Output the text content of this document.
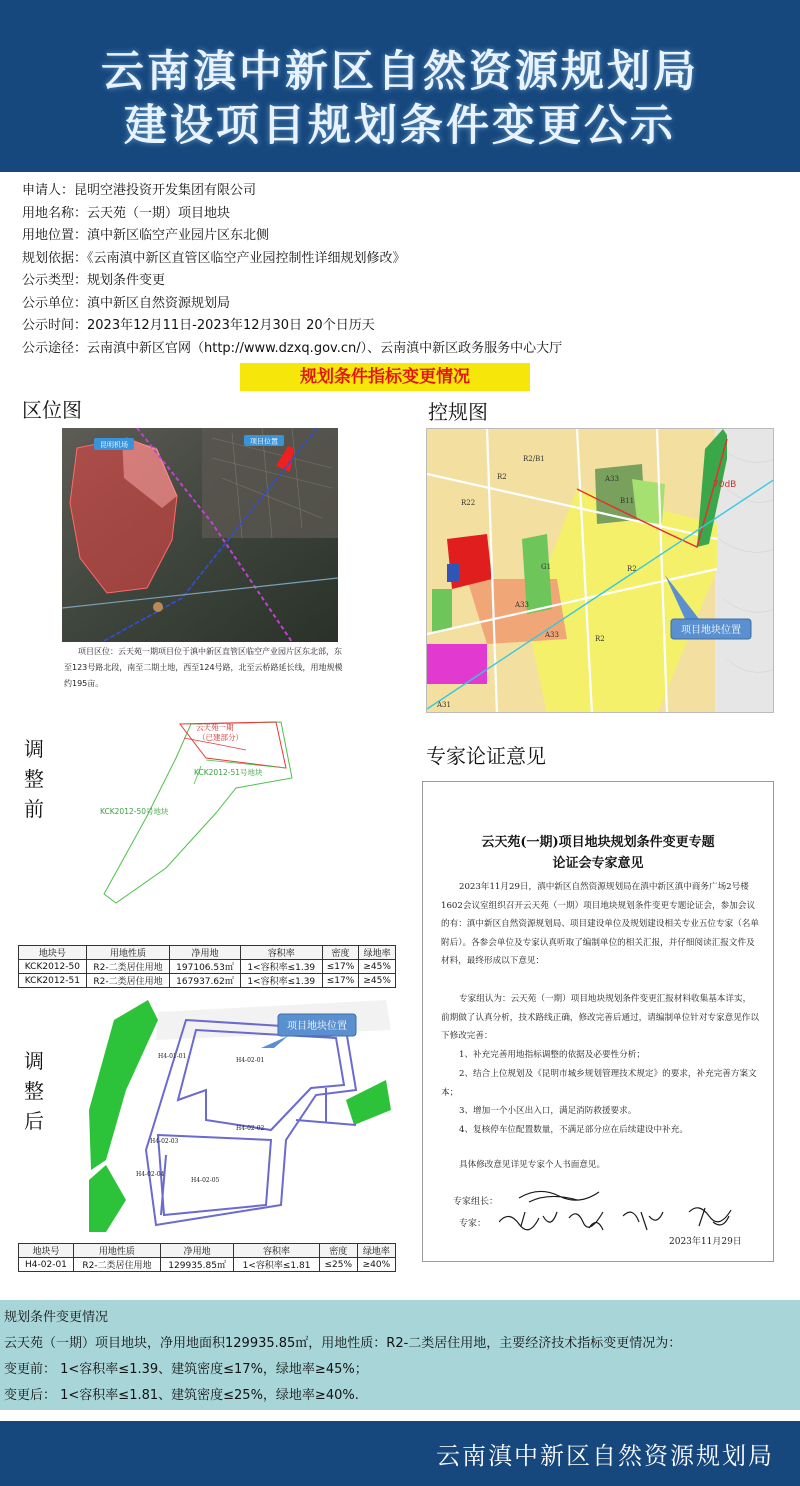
云南滇中新区自然资源规划局
建设项目规划条件变更公示
申请人：昆明空港投资开发集团有限公司
用地名称：云天苑（一期）项目地块
用地位置：滇中新区临空产业园片区东北侧
规划依据：《云南滇中新区直管区临空产业园控制性详细规划修改》
公示类型：规划条件变更
公示单位：滇中新区自然资源规划局
公示时间：2023年12月11日-2023年12月30日 20个日历天
公示途径：云南滇中新区官网（http://www.dzxq.gov.cn/）、云南滇中新区政务服务中心大厅
规划条件指标变更情况
区位图
昆明机场	项目位置
项目区位：云天苑一期项目位于滇中新区直管区临空产业园片区东北部，东至123号路北段，南至二期土地，西至124号路，北至云桥路延长线，用地规模约195亩。
控规图
70dB
R2/B1
R2	A33
B11
R22
G1
A33
R2
A31
A33	R2
项目地块位置
调整前
云天苑一期
（已建部分）
KCK2012-51号地块
KCK2012-50号地块
地块号	用地性质	净用地	容积率	密度	绿地率
KCK2012-50	R2-二类居住用地	197106.53㎡	1<容积率≤1.39	≤17%	≥45%
KCK2012-51	R2-二类居住用地	167937.62㎡	1<容积率≤1.39	≤17%	≥45%
调整后
H4-01-01
H4-02-01
H4-02-02
H4-02-03
H4-02-04
H4-02-05
项目地块位置
地块号	用地性质	净用地	容积率	密度	绿地率
H4-02-01	R2-二类居住用地	129935.85㎡	1<容积率≤1.81	≤25%	≥40%
专家论证意见
云天苑(一期)项目地块规划条件变更专题
论证会专家意见
2023年11月29日，滇中新区自然资源规划局在滇中新区滇中商务广场2号楼1602会议室组织召开云天苑（一期）项目地块规划条件变更专题论证会，参加会议的有：滇中新区自然资源规划局、项目建设单位及规划建设相关专业五位专家（名单附后）。各参会单位及专家认真听取了编制单位的相关汇报，并仔细阅读汇报文件及材料，最终形成以下意见：
专家组认为：云天苑（一期）项目地块规划条件变更汇报材料收集基本详实，前期做了认真分析，技术路线正确，修改完善后通过，请编制单位针对专家意见作以下修改完善：
1、补充完善用地指标调整的依据及必要性分析；
2、结合上位规划及《昆明市城乡规划管理技术规定》的要求，补充完善方案文本；
3、增加一个小区出入口，满足消防救援要求。
4、复核停车位配置数量，不满足部分应在后续建设中补充。
具体修改意见详见专家个人书面意见。
专家组长：
专家：
2023年11月29日
规划条件变更情况
云天苑（一期）项目地块，净用地面积129935.85㎡，用地性质：R2-二类居住用地，主要经济技术指标变更情况为：
变更前： 1<容积率≤1.39、建筑密度≤17%，绿地率≥45%；
变更后： 1<容积率≤1.81、建筑密度≤25%，绿地率≥40%.
云南滇中新区自然资源规划局
